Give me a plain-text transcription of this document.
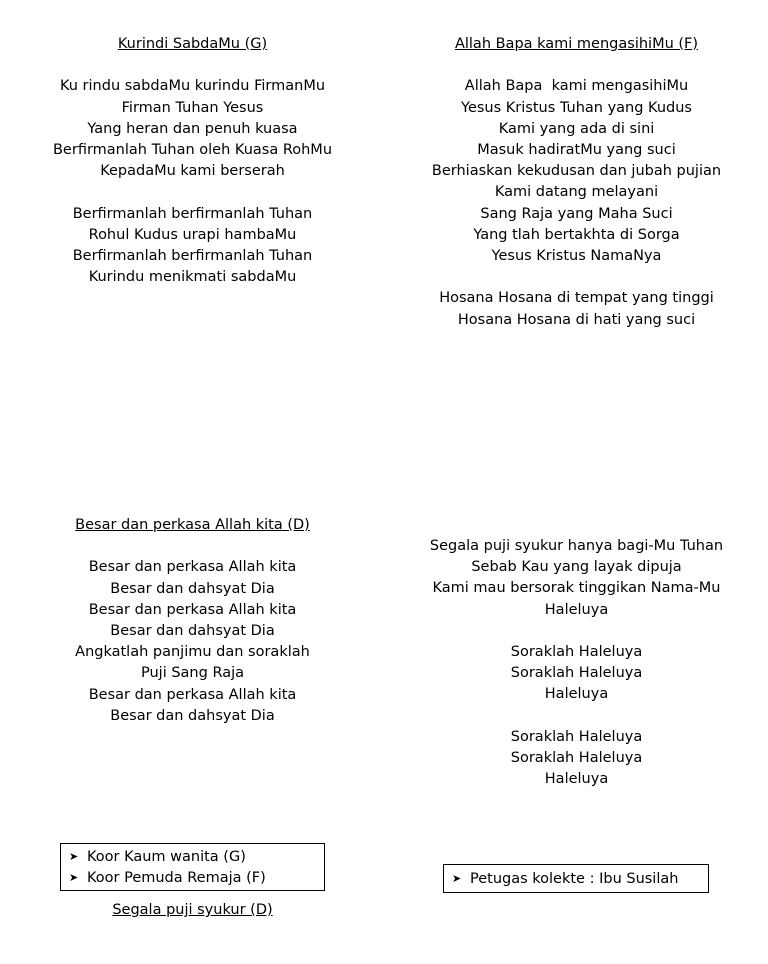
Kurindi SabdaMu (G)
Ku rindu sabdaMu kurindu FirmanMu
Firman Tuhan Yesus
Yang heran dan penuh kuasa
Berfirmanlah Tuhan oleh Kuasa RohMu
KepadaMu kami berserah
Berfirmanlah berfirmanlah Tuhan
Rohul Kudus urapi hambaMu
Berfirmanlah berfirmanlah Tuhan
Kurindu menikmati sabdaMu
Allah Bapa kami mengasihiMu (F)
Allah Bapa  kami mengasihiMu
Yesus Kristus Tuhan yang Kudus
Kami yang ada di sini
Masuk hadiratMu yang suci
Berhiaskan kekudusan dan jubah pujian
Kami datang melayani
Sang Raja yang Maha Suci
Yang tlah bertakhta di Sorga
Yesus Kristus NamaNya
Hosana Hosana di tempat yang tinggi
Hosana Hosana di hati yang suci
Besar dan perkasa Allah kita (D)
Besar dan perkasa Allah kita
Besar dan dahsyat Dia
Besar dan perkasa Allah kita
Besar dan dahsyat Dia
Angkatlah panjimu dan soraklah
Puji Sang Raja
Besar dan perkasa Allah kita
Besar dan dahsyat Dia
Segala puji syukur hanya bagi-Mu Tuhan
Sebab Kau yang layak dipuja
Kami mau bersorak tinggikan Nama-Mu
Haleluya
Soraklah Haleluya
Soraklah Haleluya
Haleluya
Soraklah Haleluya
Soraklah Haleluya
Haleluya
➤ Koor Kaum wanita (G)
➤ Koor Pemuda Remaja (F)	➤ Petugas kolekte : Ibu Susilah
Segala puji syukur (D)
